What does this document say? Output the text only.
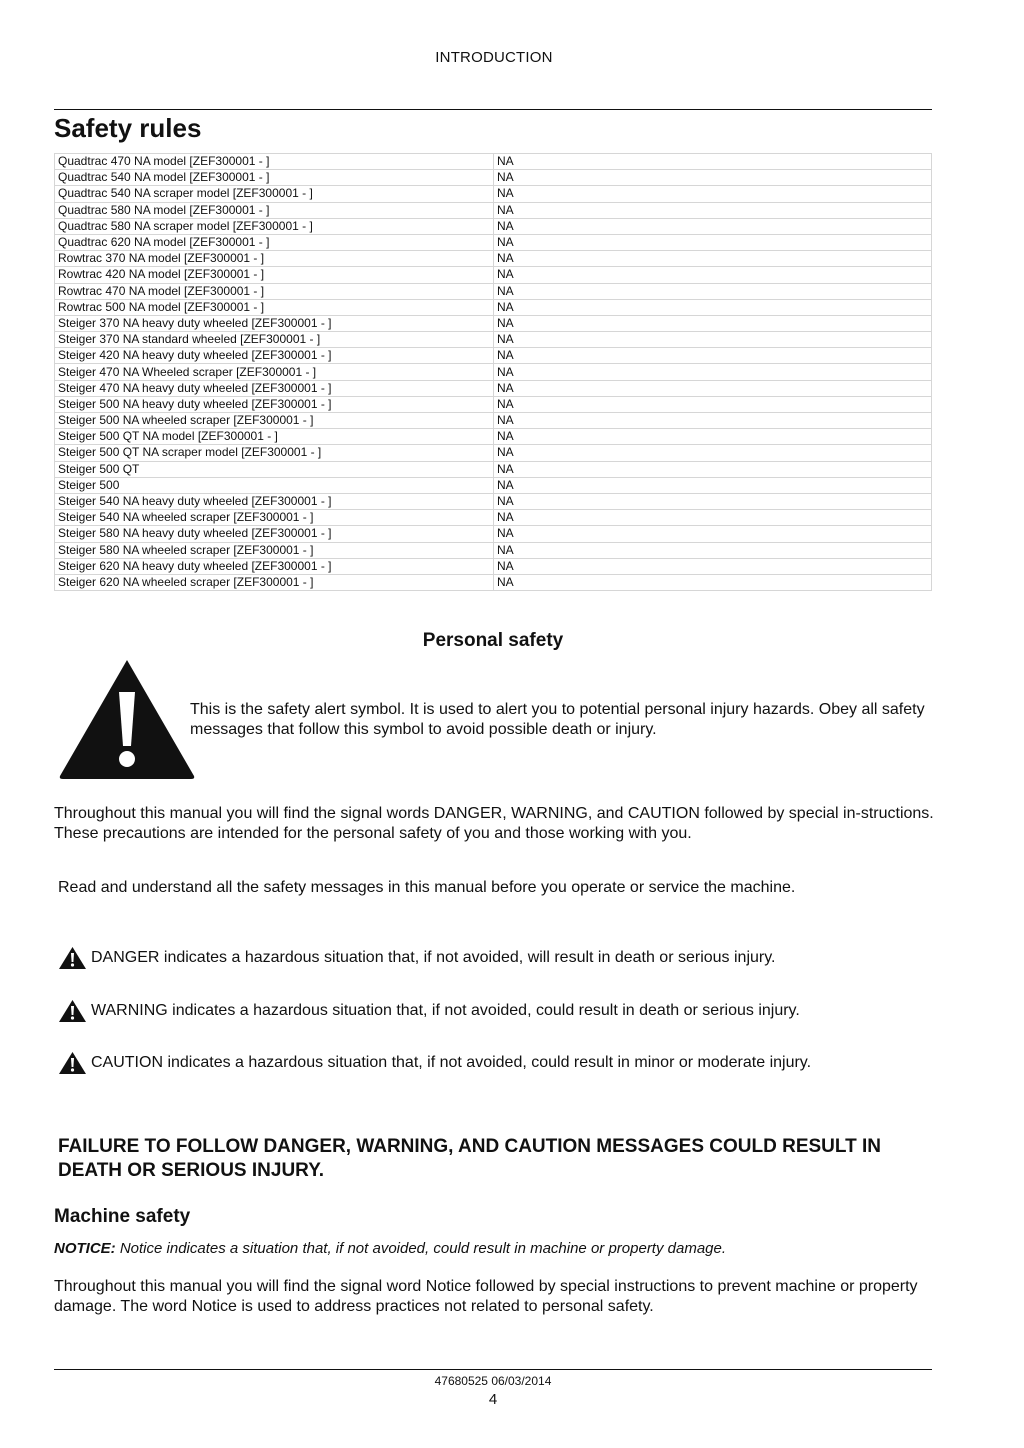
INTRODUCTION
Safety rules
Quadtrac 470 NA model [ZEF300001 - ]	NA
Quadtrac 540 NA model [ZEF300001 - ]	NA
Quadtrac 540 NA scraper model [ZEF300001 - ]	NA
Quadtrac 580 NA model [ZEF300001 - ]	NA
Quadtrac 580 NA scraper model [ZEF300001 - ]	NA
Quadtrac 620 NA model [ZEF300001 - ]	NA
Rowtrac 370 NA model [ZEF300001 - ]	NA
Rowtrac 420 NA model [ZEF300001 - ]	NA
Rowtrac 470 NA model [ZEF300001 - ]	NA
Rowtrac 500 NA model [ZEF300001 - ]	NA
Steiger 370 NA heavy duty wheeled [ZEF300001 - ]	NA
Steiger 370 NA standard wheeled [ZEF300001 - ]	NA
Steiger 420 NA heavy duty wheeled [ZEF300001 - ]	NA
Steiger 470 NA Wheeled scraper [ZEF300001 - ]	NA
Steiger 470 NA heavy duty wheeled [ZEF300001 - ]	NA
Steiger 500 NA heavy duty wheeled [ZEF300001 - ]	NA
Steiger 500 NA wheeled scraper [ZEF300001 - ]	NA
Steiger 500 QT NA model [ZEF300001 - ]	NA
Steiger 500 QT NA scraper model [ZEF300001 - ]	NA
Steiger 500 QT	NA
Steiger 500	NA
Steiger 540 NA heavy duty wheeled [ZEF300001 - ]	NA
Steiger 540 NA wheeled scraper [ZEF300001 - ]	NA
Steiger 580 NA heavy duty wheeled [ZEF300001 - ]	NA
Steiger 580 NA wheeled scraper [ZEF300001 - ]	NA
Steiger 620 NA heavy duty wheeled [ZEF300001 - ]	NA
Steiger 620 NA wheeled scraper [ZEF300001 - ]	NA
Personal safety
This is the safety alert symbol. It is used to alert you to potential personal injury hazards. Obey all safety messages that follow this symbol to avoid possible death or injury.
Throughout this manual you will find the signal words DANGER, WARNING, and CAUTION followed by special in-structions. These precautions are intended for the personal safety of you and those working with you.
Read and understand all the safety messages in this manual before you operate or service the machine.
DANGER indicates a hazardous situation that, if not avoided, will result in death or serious injury.
WARNING indicates a hazardous situation that, if not avoided, could result in death or serious injury.
CAUTION indicates a hazardous situation that, if not avoided, could result in minor or moderate injury.
FAILURE TO FOLLOW DANGER, WARNING, AND CAUTION MESSAGES COULD RESULT IN DEATH OR SERIOUS INJURY.
Machine safety
NOTICE: Notice indicates a situation that, if not avoided, could result in machine or property damage.
Throughout this manual you will find the signal word Notice followed by special instructions to prevent machine or property damage. The word Notice is used to address practices not related to personal safety.
47680525 06/03/2014
4
